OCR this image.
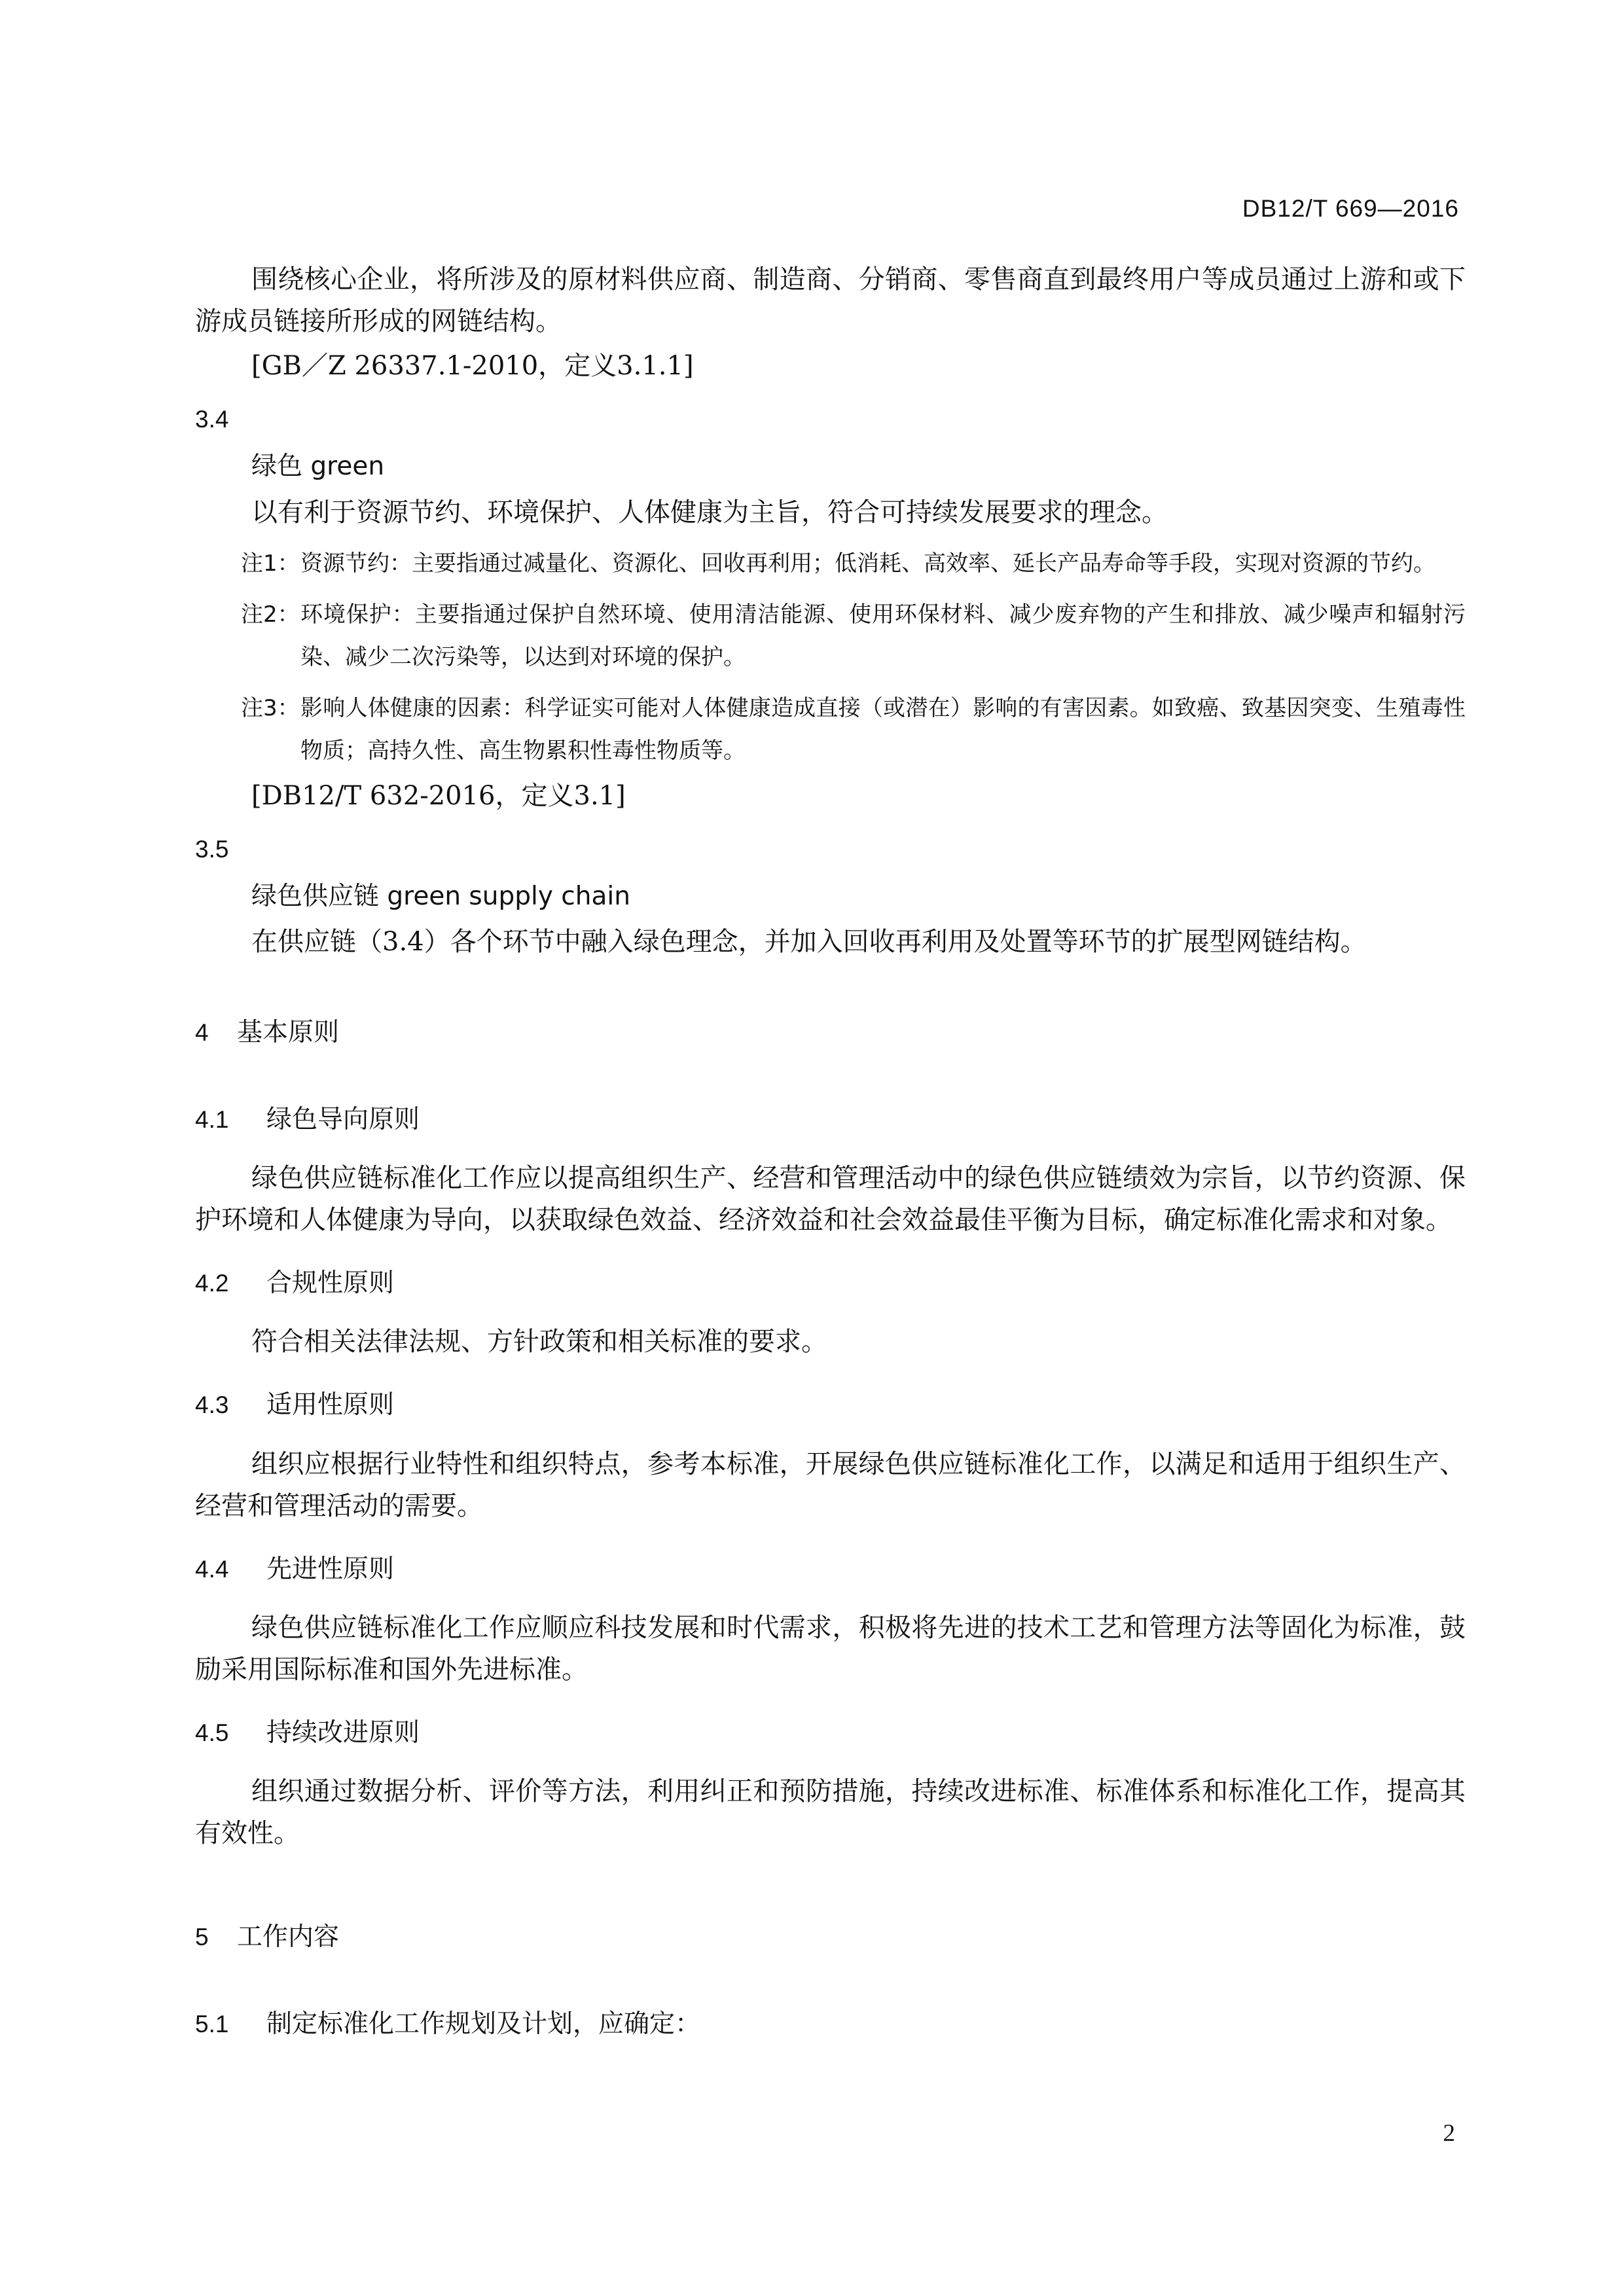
DB12/T 669—2016

围绕核心企业，将所涉及的原材料供应商、制造商、分销商、零售商直到最终用户等成员通过上游和或下游成员链接所形成的网链结构。

[GB／Z 26337.1-2010，定义3.1.1]
3.4
绿色 green

以有利于资源节约、环境保护、人体健康为主旨，符合可持续发展要求的理念。

注1： 资源节约：主要指通过减量化、资源化、回收再利用；低消耗、高效率、延长产品寿命等手段，实现对资源的节约。
注2： 环境保护：主要指通过保护自然环境、使用清洁能源、使用环保材料、减少废弃物的产生和排放、减少噪声和辐射污染、减少二次污染等，以达到对环境的保护。
注3： 影响人体健康的因素：科学证实可能对人体健康造成直接（或潜在）影响的有害因素。如致癌、致基因突变、生殖毒性物质；高持久性、高生物累积性毒性物质等。
[DB12/T 632-2016，定义3.1]
3.5
绿色供应链 green supply chain

在供应链（3.4）各个环节中融入绿色理念，并加入回收再利用及处置等环节的扩展型网链结构。

4 基本原则
4.1 绿色导向原则

绿色供应链标准化工作应以提高组织生产、经营和管理活动中的绿色供应链绩效为宗旨，以节约资源、保护环境和人体健康为导向，以获取绿色效益、经济效益和社会效益最佳平衡为目标，确定标准化需求和对象。

4.2 合规性原则

符合相关法律法规、方针政策和相关标准的要求。

4.3 适用性原则

组织应根据行业特性和组织特点，参考本标准，开展绿色供应链标准化工作，以满足和适用于组织生产、经营和管理活动的需要。

4.4 先进性原则

绿色供应链标准化工作应顺应科技发展和时代需求，积极将先进的技术工艺和管理方法等固化为标准，鼓励采用国际标准和国外先进标准。

4.5 持续改进原则

组织通过数据分析、评价等方法，利用纠正和预防措施，持续改进标准、标准体系和标准化工作，提高其有效性。

5 工作内容
5.1 制定标准化工作规划及计划，应确定：
2
